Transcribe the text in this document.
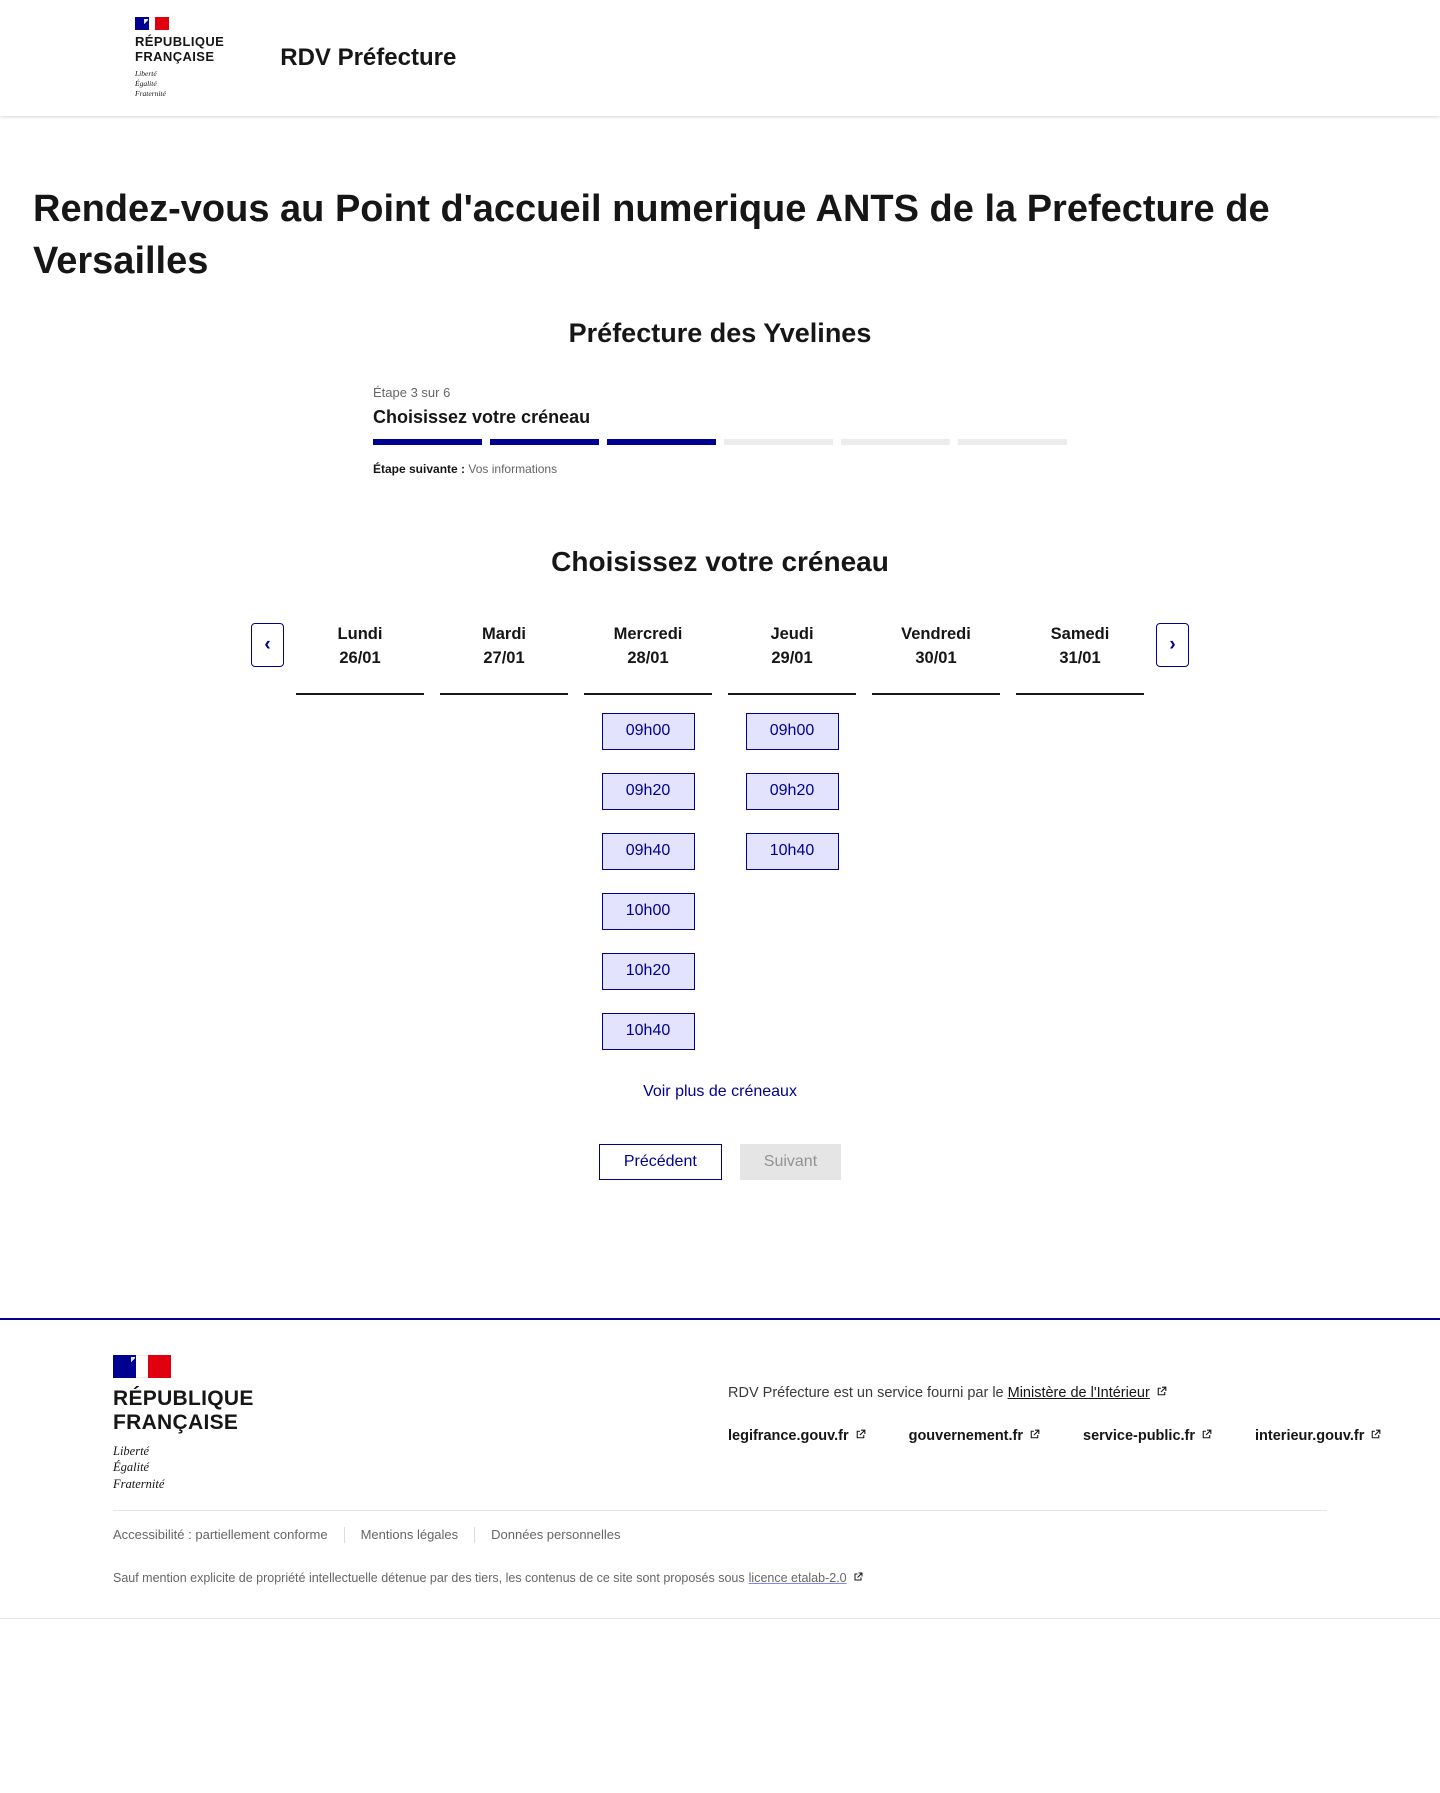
RÉPUBLIQUE
FRANÇAISE
Liberté
Égalité
Fraternité
RDV Préfecture
Rendez-vous au Point d'accueil numerique ANTS de la Prefecture de Versailles
Préfecture des Yvelines
Étape 3 sur 6
Choisissez votre créneau
Étape suivante : Vos informations
Choisissez votre créneau
‹
Lundi
26/01
Mardi
27/01
Mercredi
28/01
09h00
09h20
09h40
10h00
10h20
10h40
Jeudi
29/01
09h00
09h20
10h40
Vendredi
30/01
Samedi
31/01
›
Voir plus de créneaux
Précédent	Suivant
RÉPUBLIQUE
FRANÇAISE
Liberté
Égalité
Fraternité
RDV Préfecture est un service fourni par le Ministère de l'Intérieur
legifrance.gouv.fr	gouvernement.fr	service-public.fr	interieur.gouv.fr
Accessibilité : partiellement conforme	Mentions légales	Données personnelles
Sauf mention explicite de propriété intellectuelle détenue par des tiers, les contenus de ce site sont proposés sous licence etalab-2.0
